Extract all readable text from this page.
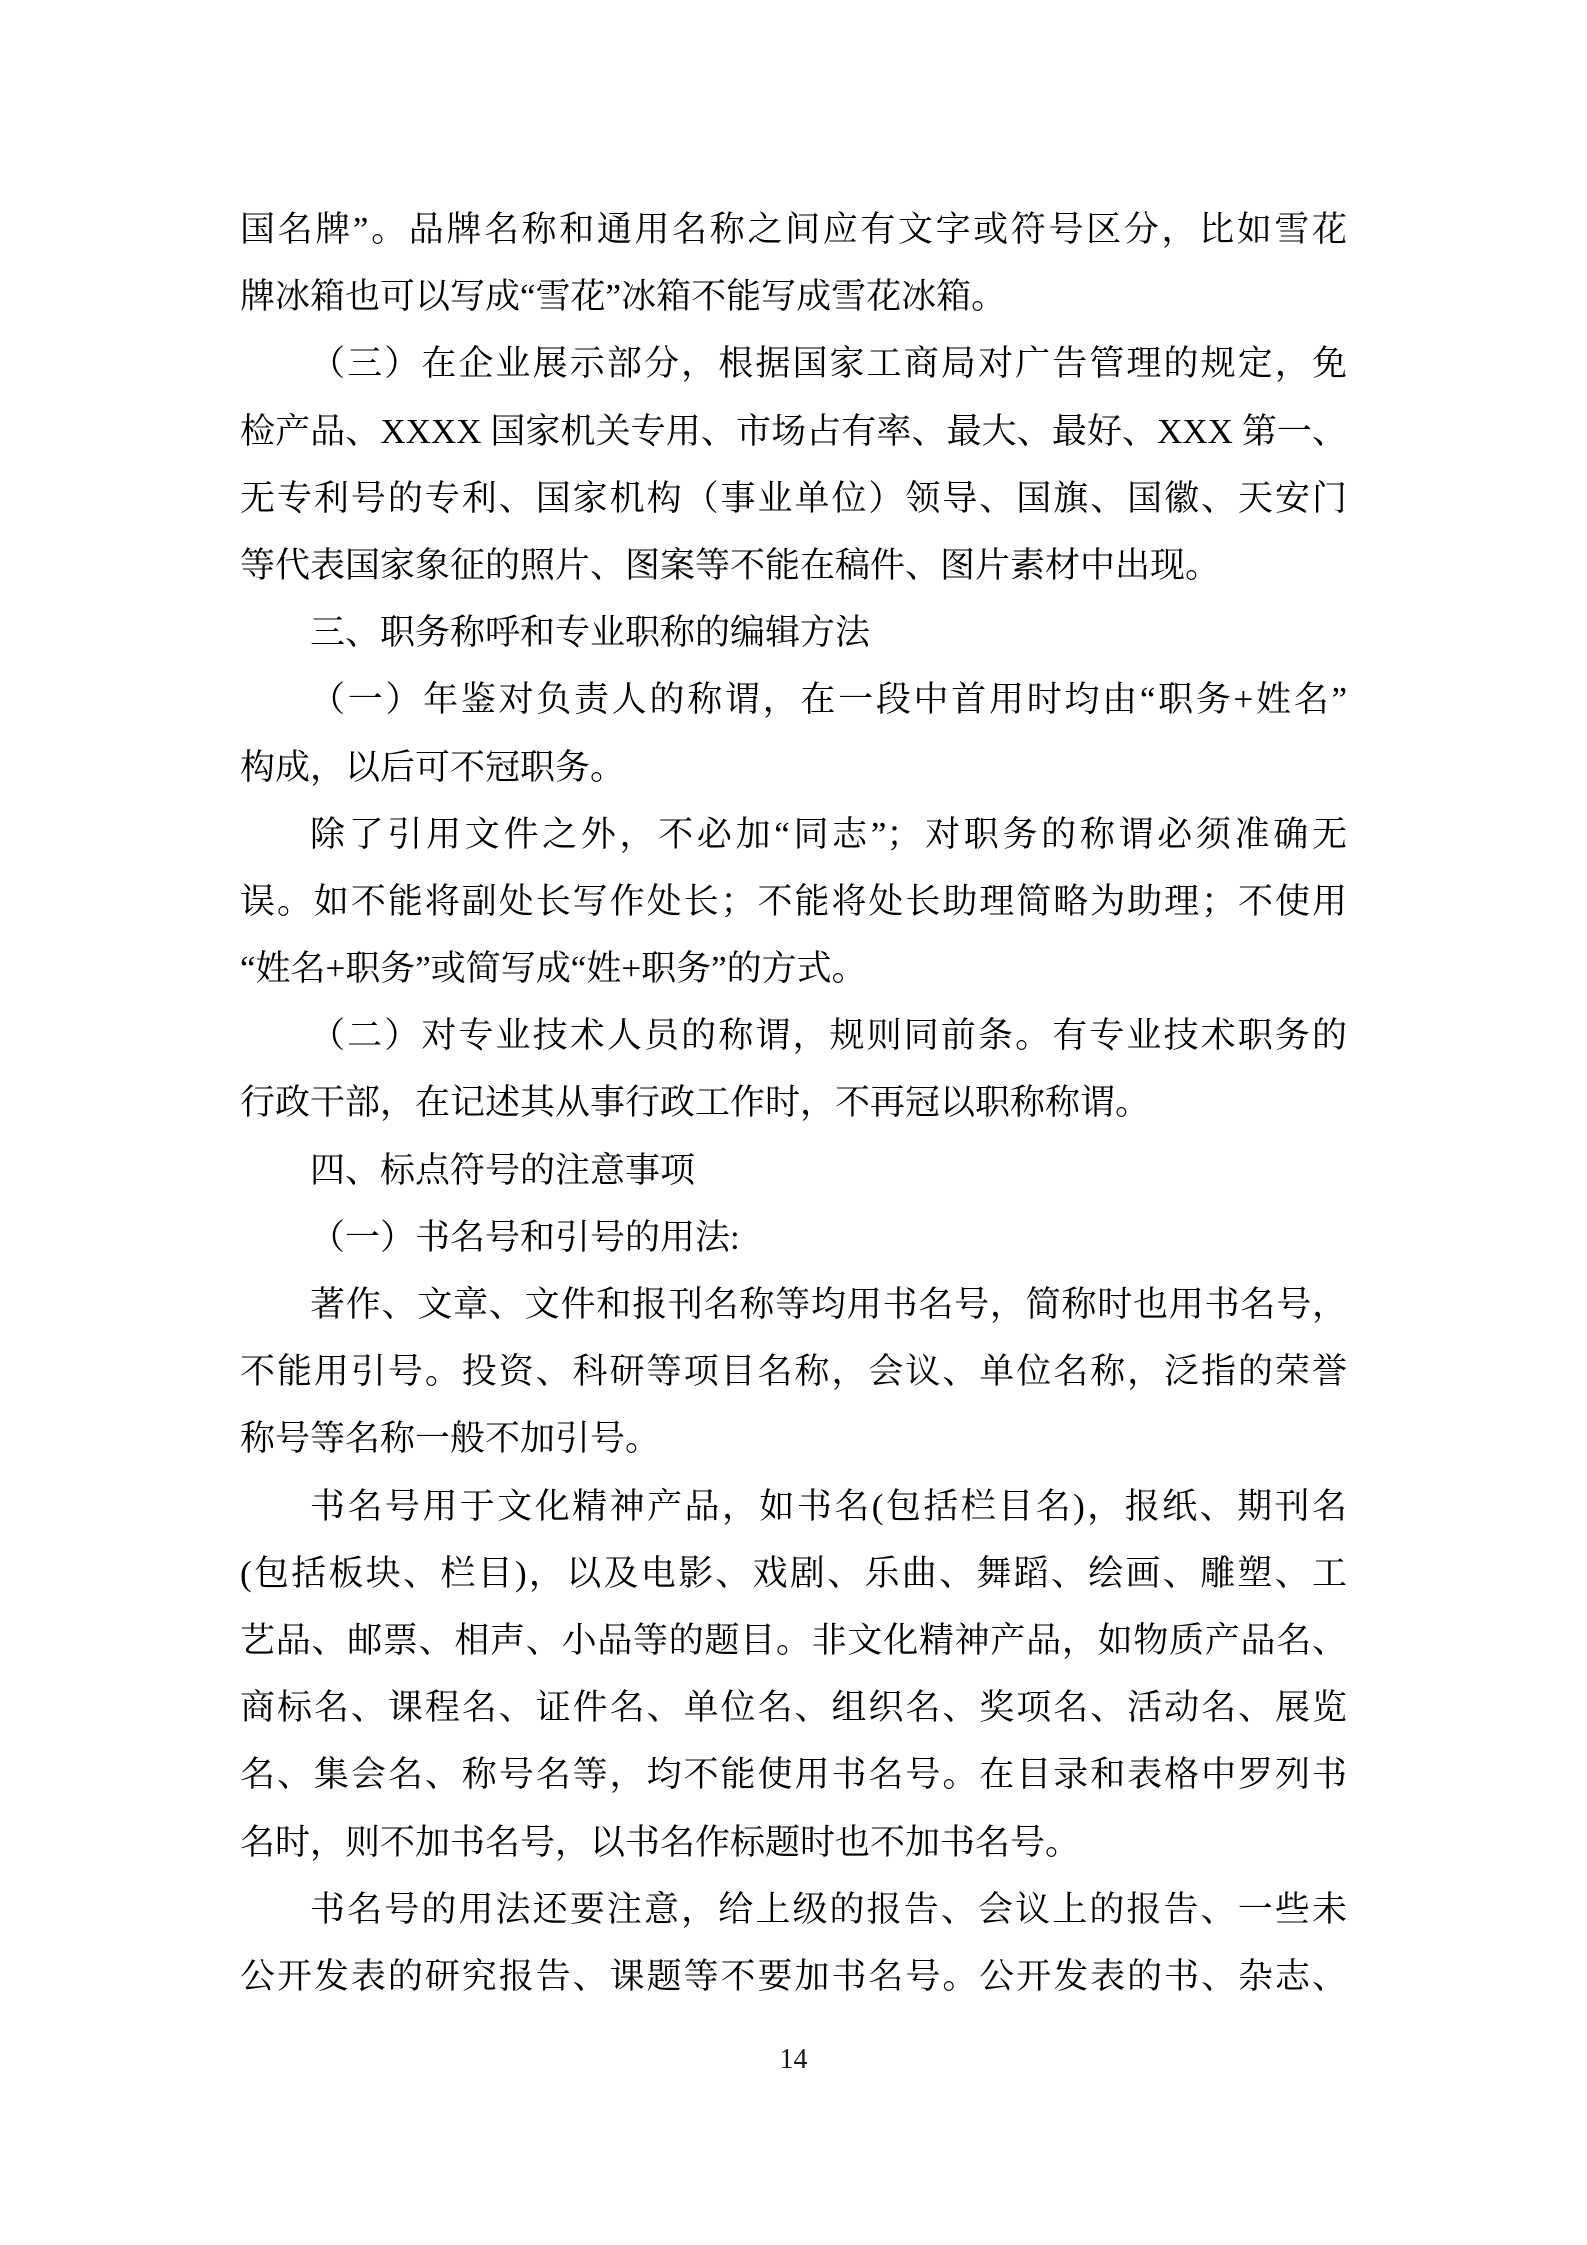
国名牌”。品牌名称和通用名称之间应有文字或符号区分，比如雪花
牌冰箱也可以写成“雪花”冰箱不能写成雪花冰箱。
（三）在企业展示部分，根据国家工商局对广告管理的规定，免
检产品、XXXX 国家机关专用、市场占有率、最大、最好、XXX 第一、
无专利号的专利、国家机构（事业单位）领导、国旗、国徽、天安门
等代表国家象征的照片、图案等不能在稿件、图片素材中出现。
三、职务称呼和专业职称的编辑方法
（一）年鉴对负责人的称谓，在一段中首用时均由“职务+姓名”
构成，以后可不冠职务。
除了引用文件之外，不必加“同志”；对职务的称谓必须准确无
误。如不能将副处长写作处长；不能将处长助理简略为助理；不使用
“姓名+职务”或简写成“姓+职务”的方式。
（二）对专业技术人员的称谓，规则同前条。有专业技术职务的
行政干部，在记述其从事行政工作时，不再冠以职称称谓。
四、标点符号的注意事项
（一）书名号和引号的用法:
著作、文章、文件和报刊名称等均用书名号，简称时也用书名号，
不能用引号。投资、科研等项目名称，会议、单位名称，泛指的荣誉
称号等名称一般不加引号。
书名号用于文化精神产品，如书名(包括栏目名)，报纸、期刊名
(包括板块、栏目)，以及电影、戏剧、乐曲、舞蹈、绘画、雕塑、工
艺品、邮票、相声、小品等的题目。非文化精神产品，如物质产品名、
商标名、课程名、证件名、单位名、组织名、奖项名、活动名、展览
名、集会名、称号名等，均不能使用书名号。在目录和表格中罗列书
名时，则不加书名号，以书名作标题时也不加书名号。
书名号的用法还要注意，给上级的报告、会议上的报告、一些未
公开发表的研究报告、课题等不要加书名号。公开发表的书、杂志、
14
